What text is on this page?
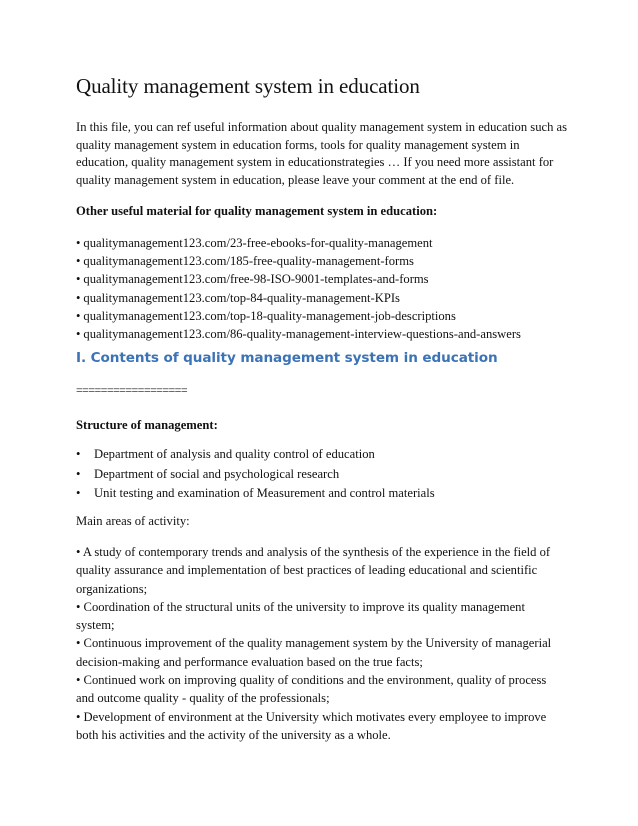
Quality management system in education
In this file, you can ref useful information about quality management system in education such as
quality management system in education forms, tools for quality management system in
education, quality management system in educationstrategies … If you need more assistant for
quality management system in education, please leave your comment at the end of file.

Other useful material for quality management system in education:

• qualitymanagement123.com/23-free-ebooks-for-quality-management
• qualitymanagement123.com/185-free-quality-management-forms
• qualitymanagement123.com/free-98-ISO-9001-templates-and-forms
• qualitymanagement123.com/top-84-quality-management-KPIs
• qualitymanagement123.com/top-18-quality-management-job-descriptions
• qualitymanagement123.com/86-quality-management-interview-questions-and-answers
I. Contents of quality management system in education

==================

Structure of management:

• Department of analysis and quality control of education
• Department of social and psychological research
• Unit testing and examination of Measurement and control materials

Main areas of activity:

• A study of contemporary trends and analysis of the synthesis of the experience in the field of
quality assurance and implementation of best practices of leading educational and scientific
organizations;
• Coordination of the structural units of the university to improve its quality management
system;
• Continuous improvement of the quality management system by the University of managerial
decision-making and performance evaluation based on the true facts;
• Continued work on improving quality of conditions and the environment, quality of process
and outcome quality - quality of the professionals;
• Development of environment at the University which motivates every employee to improve
both his activities and the activity of the university as a whole.
